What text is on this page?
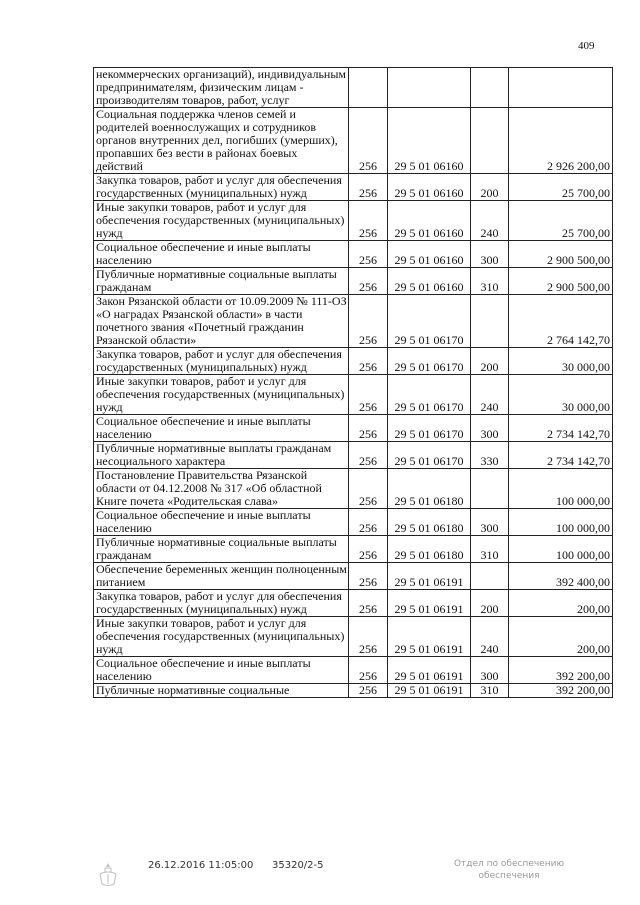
409
некоммерческих организаций), индивидуальным предпринимателям, физическим лицам - производителям товаров, работ, услуг				
Социальная поддержка членов семей и родителей военнослужащих и сотрудников органов внутренних дел, погибших (умерших), пропавших без вести в районах боевых действий	256	29 5 01 06160		2 926 200,00
Закупка товаров, работ и услуг для обеспечения государственных (муниципальных) нужд	256	29 5 01 06160	200	25 700,00
Иные закупки товаров, работ и услуг для обеспечения государственных (муниципальных) нужд	256	29 5 01 06160	240	25 700,00
Социальное обеспечение и иные выплаты населению	256	29 5 01 06160	300	2 900 500,00
Публичные нормативные социальные выплаты гражданам	256	29 5 01 06160	310	2 900 500,00
Закон Рязанской области от 10.09.2009 № 111-ОЗ «О наградах Рязанской области» в части почетного звания «Почетный гражданин Рязанской области»	256	29 5 01 06170		2 764 142,70
Закупка товаров, работ и услуг для обеспечения государственных (муниципальных) нужд	256	29 5 01 06170	200	30 000,00
Иные закупки товаров, работ и услуг для обеспечения государственных (муниципальных) нужд	256	29 5 01 06170	240	30 000,00
Социальное обеспечение и иные выплаты населению	256	29 5 01 06170	300	2 734 142,70
Публичные нормативные выплаты гражданам несоциального характера	256	29 5 01 06170	330	2 734 142,70
Постановление Правительства Рязанской области от 04.12.2008 № 317 «Об областной Книге почета «Родительская слава»	256	29 5 01 06180		100 000,00
Социальное обеспечение и иные выплаты населению	256	29 5 01 06180	300	100 000,00
Публичные нормативные социальные выплаты гражданам	256	29 5 01 06180	310	100 000,00
Обеспечение беременных женщин полноценным питанием	256	29 5 01 06191		392 400,00
Закупка товаров, работ и услуг для обеспечения государственных (муниципальных) нужд	256	29 5 01 06191	200	200,00
Иные закупки товаров, работ и услуг для обеспечения государственных (муниципальных) нужд	256	29 5 01 06191	240	200,00
Социальное обеспечение и иные выплаты населению	256	29 5 01 06191	300	392 200,00
Публичные нормативные социальные	256	29 5 01 06191	310	392 200,00
26.12.2016 11:05:00 35320/2-5	Отдел по обеспечению
обеспечения
